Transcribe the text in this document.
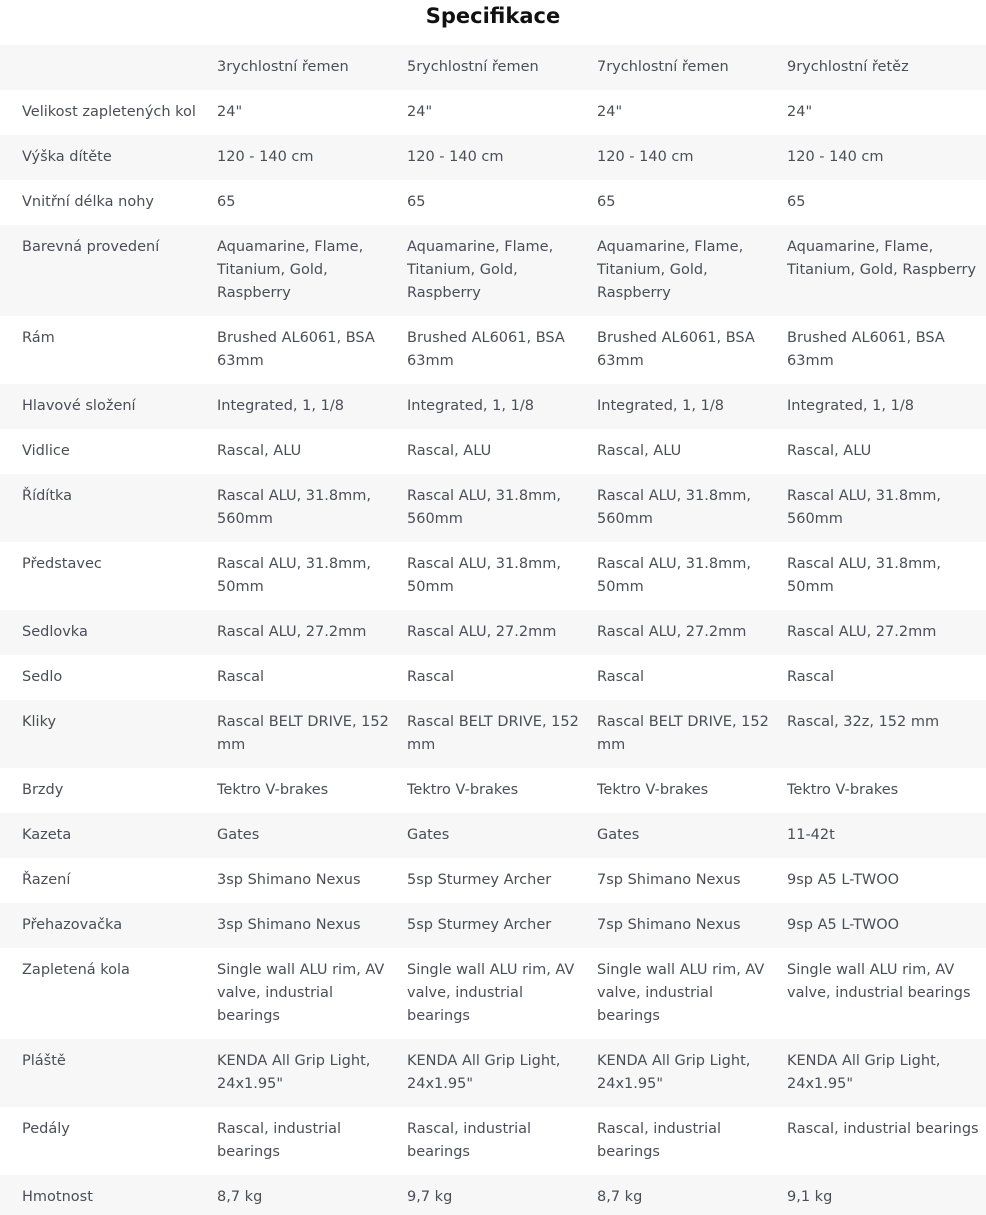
Specifikace
	3rychlostní řemen	5rychlostní řemen	7rychlostní řemen	9rychlostní řetěz
Velikost zapletených kol	24"	24"	24"	24"
Výška dítěte	120 - 140 cm	120 - 140 cm	120 - 140 cm	120 - 140 cm
Vnitřní délka nohy	65	65	65	65
Barevná provedení	Aquamarine, Flame, Titanium, Gold, Raspberry	Aquamarine, Flame, Titanium, Gold, Raspberry	Aquamarine, Flame, Titanium, Gold, Raspberry	Aquamarine, Flame, Titanium, Gold, Raspberry
Rám	Brushed AL6061, BSA 63mm	Brushed AL6061, BSA 63mm	Brushed AL6061, BSA 63mm	Brushed AL6061, BSA 63mm
Hlavové složení	Integrated, 1, 1/8	Integrated, 1, 1/8	Integrated, 1, 1/8	Integrated, 1, 1/8
Vidlice	Rascal, ALU	Rascal, ALU	Rascal, ALU	Rascal, ALU
Řídítka	Rascal ALU, 31.8mm, 560mm	Rascal ALU, 31.8mm, 560mm	Rascal ALU, 31.8mm, 560mm	Rascal ALU, 31.8mm, 560mm
Představec	Rascal ALU, 31.8mm, 50mm	Rascal ALU, 31.8mm, 50mm	Rascal ALU, 31.8mm, 50mm	Rascal ALU, 31.8mm, 50mm
Sedlovka	Rascal ALU, 27.2mm	Rascal ALU, 27.2mm	Rascal ALU, 27.2mm	Rascal ALU, 27.2mm
Sedlo	Rascal	Rascal	Rascal	Rascal
Kliky	Rascal BELT DRIVE, 152 mm	Rascal BELT DRIVE, 152 mm	Rascal BELT DRIVE, 152 mm	Rascal, 32z, 152 mm
Brzdy	Tektro V-brakes	Tektro V-brakes	Tektro V-brakes	Tektro V-brakes
Kazeta	Gates	Gates	Gates	11-42t
Řazení	3sp Shimano Nexus	5sp Sturmey Archer	7sp Shimano Nexus	9sp A5 L-TWOO
Přehazovačka	3sp Shimano Nexus	5sp Sturmey Archer	7sp Shimano Nexus	9sp A5 L-TWOO
Zapletená kola	Single wall ALU rim, AV valve, industrial bearings	Single wall ALU rim, AV valve, industrial bearings	Single wall ALU rim, AV valve, industrial bearings	Single wall ALU rim, AV valve, industrial bearings
Pláště	KENDA All Grip Light, 24x1.95"	KENDA All Grip Light, 24x1.95"	KENDA All Grip Light, 24x1.95"	KENDA All Grip Light, 24x1.95"
Pedály	Rascal, industrial bearings	Rascal, industrial bearings	Rascal, industrial bearings	Rascal, industrial bearings
Hmotnost	8,7 kg	9,7 kg	8,7 kg	9,1 kg
